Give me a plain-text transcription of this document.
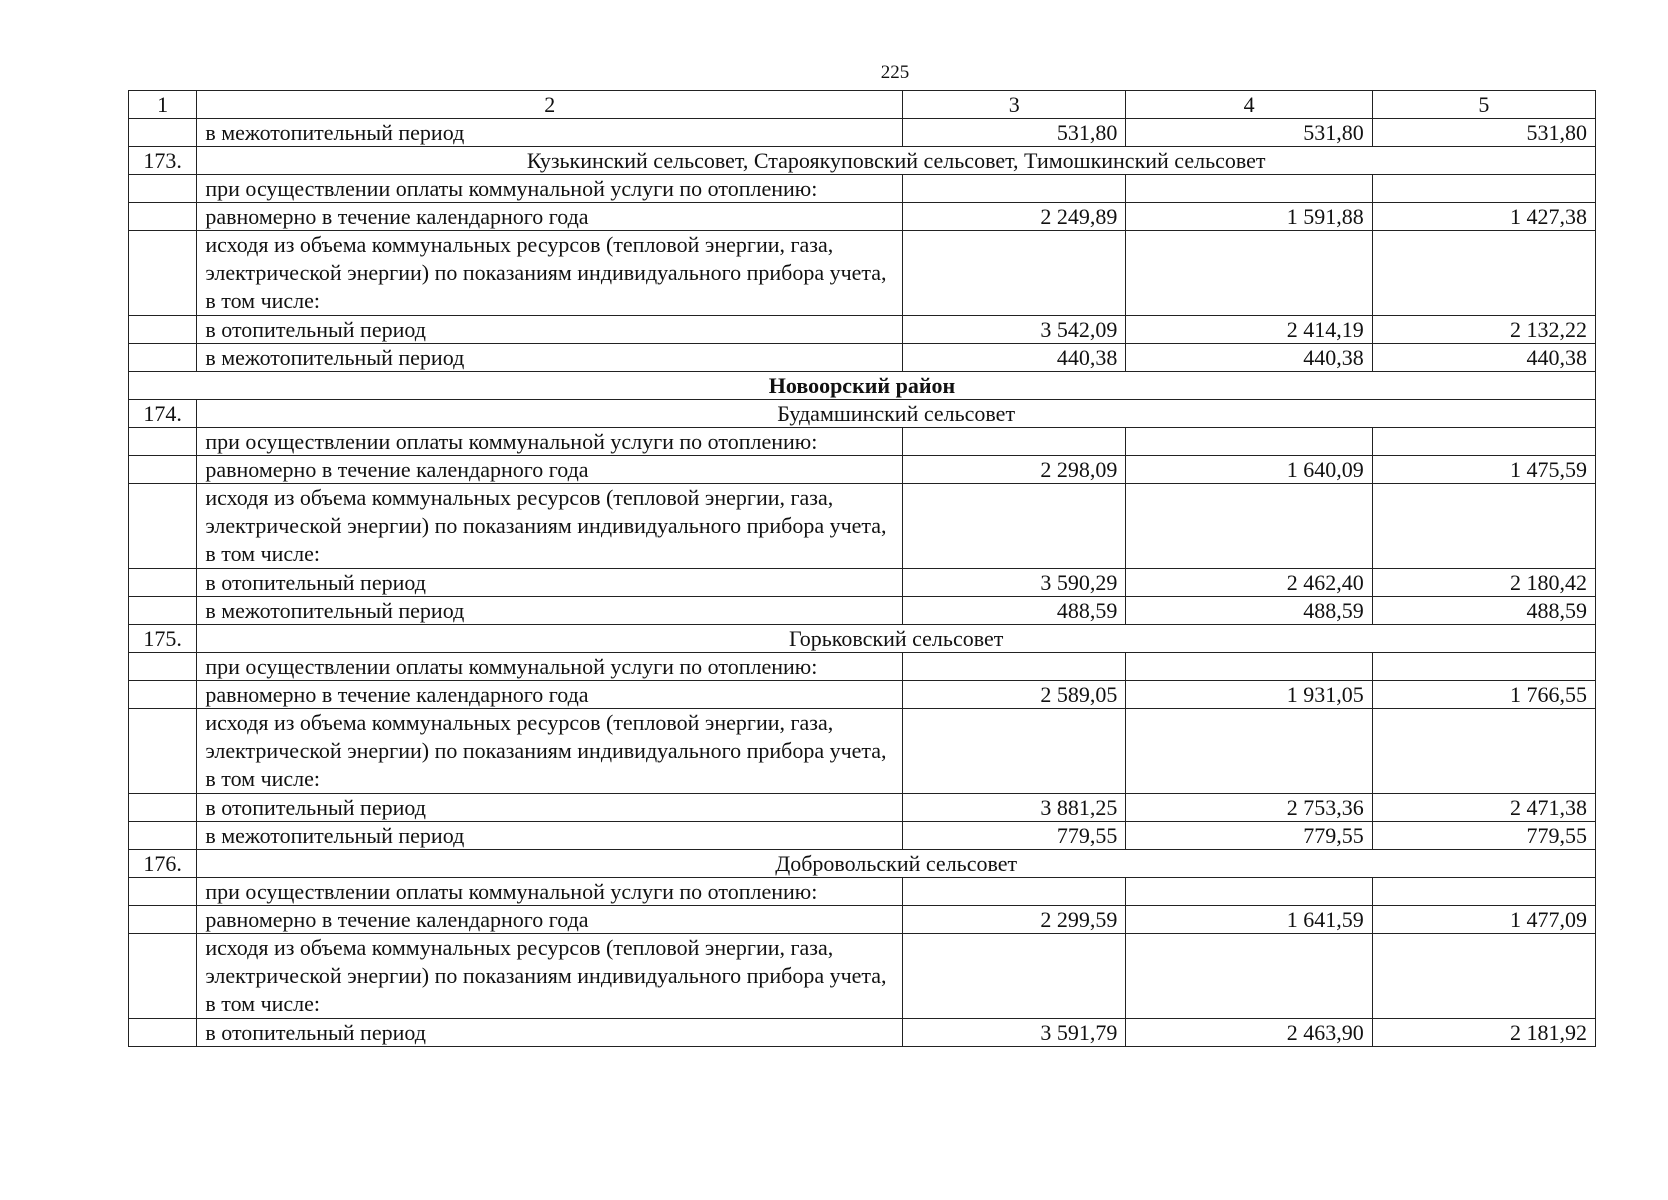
225
1	2	3	4	5
	в межотопительный период	531,80	531,80	531,80
173.	Кузькинский сельсовет, Староякуповский сельсовет, Тимошкинский сельсовет			
	при осуществлении оплаты коммунальной услуги по отоплению:			
	равномерно в течение календарного года	2 249,89	1 591,88	1 427,38
	исходя из объема коммунальных ресурсов (тепловой энергии, газа, электрической энергии) по показаниям индивидуального прибора учета, в том числе:			
	в отопительный период	3 542,09	2 414,19	2 132,22
	в межотопительный период	440,38	440,38	440,38
Новоорский район				
174.	Будамшинский сельсовет			
	при осуществлении оплаты коммунальной услуги по отоплению:			
	равномерно в течение календарного года	2 298,09	1 640,09	1 475,59
	исходя из объема коммунальных ресурсов (тепловой энергии, газа, электрической энергии) по показаниям индивидуального прибора учета, в том числе:			
	в отопительный период	3 590,29	2 462,40	2 180,42
	в межотопительный период	488,59	488,59	488,59
175.	Горьковский сельсовет			
	при осуществлении оплаты коммунальной услуги по отоплению:			
	равномерно в течение календарного года	2 589,05	1 931,05	1 766,55
	исходя из объема коммунальных ресурсов (тепловой энергии, газа, электрической энергии) по показаниям индивидуального прибора учета, в том числе:			
	в отопительный период	3 881,25	2 753,36	2 471,38
	в межотопительный период	779,55	779,55	779,55
176.	Добровольский сельсовет			
	при осуществлении оплаты коммунальной услуги по отоплению:			
	равномерно в течение календарного года	2 299,59	1 641,59	1 477,09
	исходя из объема коммунальных ресурсов (тепловой энергии, газа, электрической энергии) по показаниям индивидуального прибора учета, в том числе:			
	в отопительный период	3 591,79	2 463,90	2 181,92
